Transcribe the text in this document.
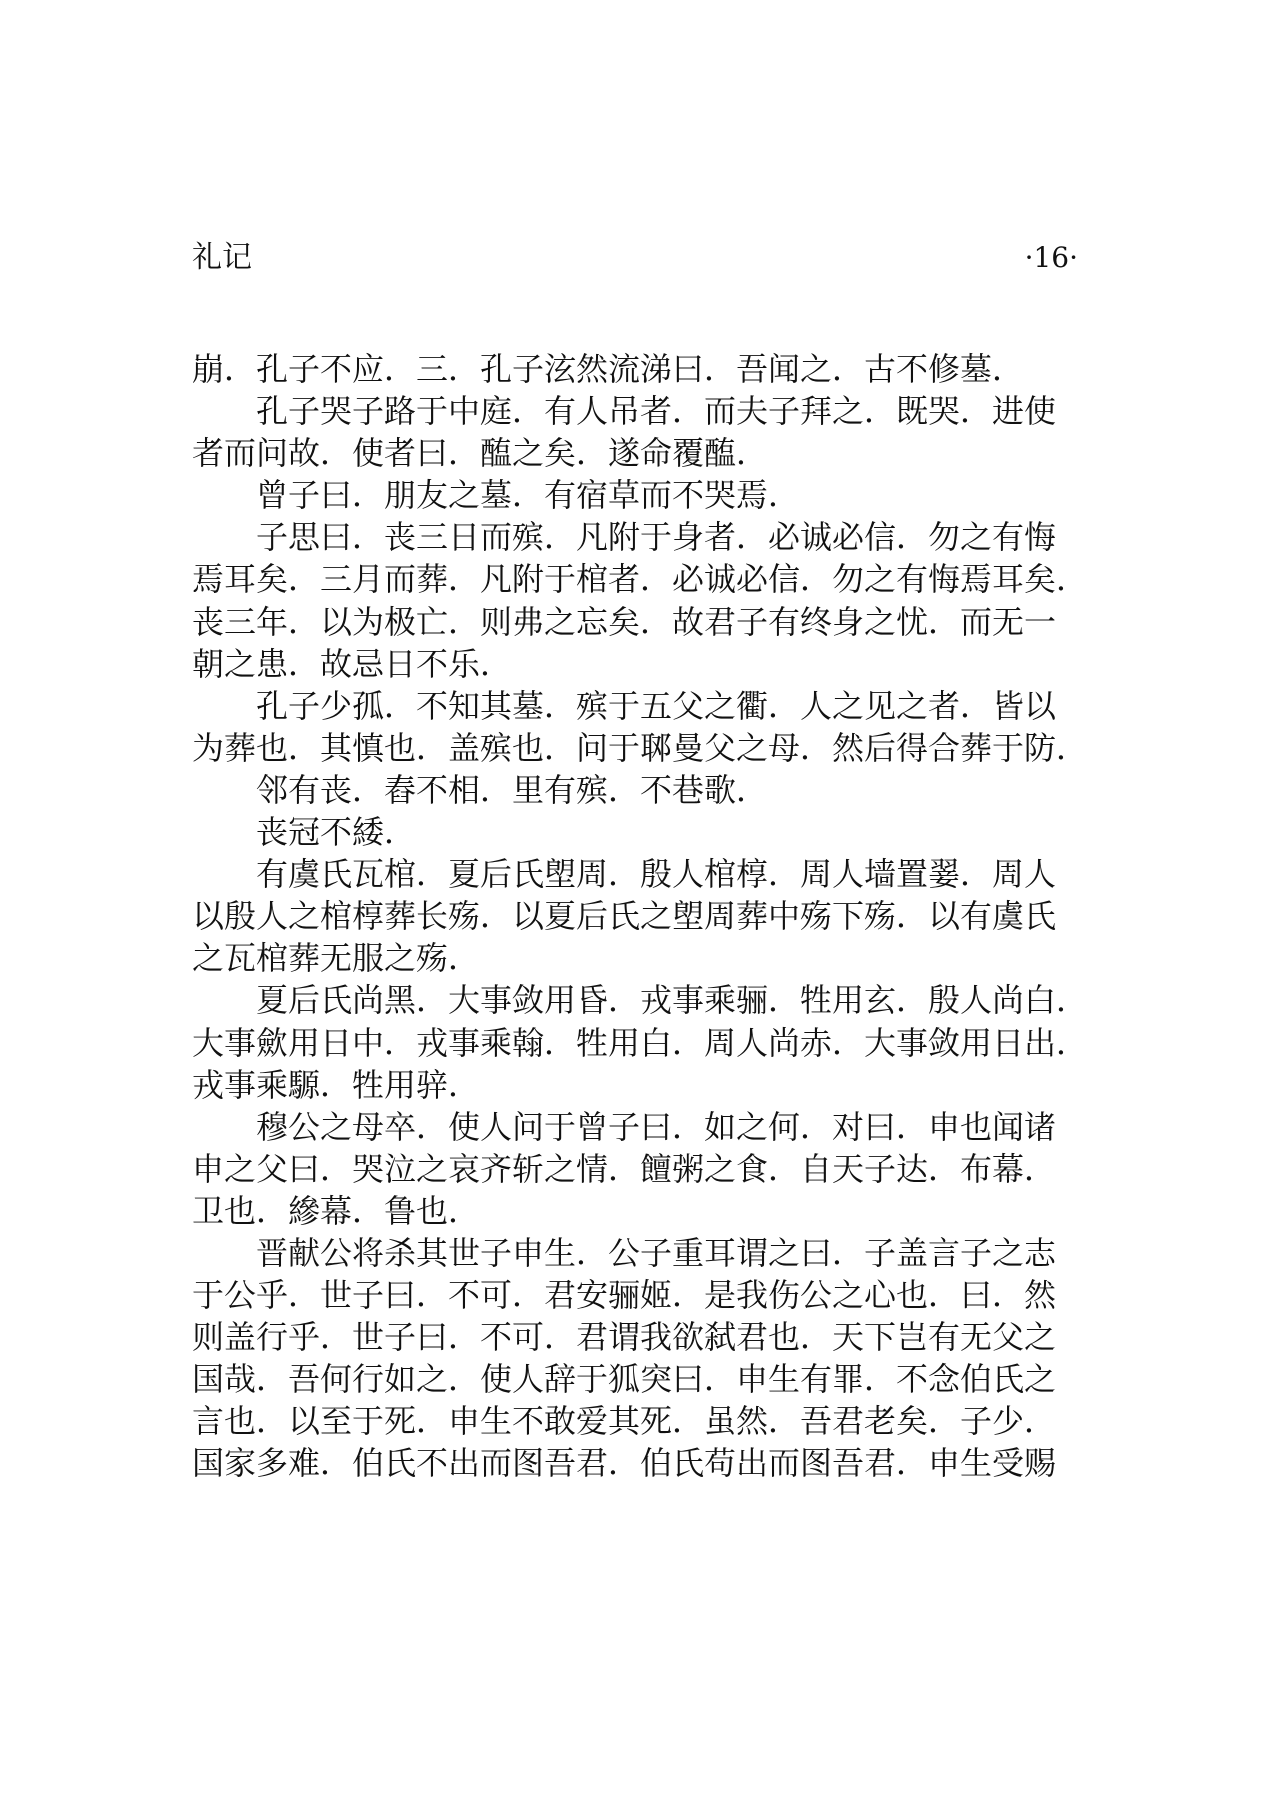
礼记	·16·
崩．孔子不应．三．孔子泫然流涕曰．吾闻之．古不修墓．
孔子哭子路于中庭．有人吊者．而夫子拜之．既哭．进使
者而问故．使者曰．醢之矣．遂命覆醢．
曾子曰．朋友之墓．有宿草而不哭焉．
子思曰．丧三日而殡．凡附于身者．必诚必信．勿之有悔
焉耳矣．三月而葬．凡附于棺者．必诚必信．勿之有悔焉耳矣．
丧三年．以为极亡．则弗之忘矣．故君子有终身之忧．而无一
朝之患．故忌日不乐．
孔子少孤．不知其墓．殡于五父之衢．人之见之者．皆以
为葬也．其慎也．盖殡也．问于郰曼父之母．然后得合葬于防．
邻有丧．舂不相．里有殡．不巷歌．
丧冠不緌．
有虞氏瓦棺．夏后氏塱周．殷人棺椁．周人墙置翣．周人
以殷人之棺椁葬长殇．以夏后氏之塱周葬中殇下殇．以有虞氏
之瓦棺葬无服之殇．
夏后氏尚黑．大事敛用昏．戎事乘骊．牲用玄．殷人尚白．
大事歛用日中．戎事乘翰．牲用白．周人尚赤．大事敛用日出．
戎事乘騵．牲用骍．
穆公之母卒．使人问于曾子曰．如之何．对曰．申也闻诸
申之父曰．哭泣之哀齐斩之情．饘粥之食．自天子达．布幕．
卫也．縿幕．鲁也．
晋献公将杀其世子申生．公子重耳谓之曰．子盖言子之志
于公乎．世子曰．不可．君安骊姬．是我伤公之心也．曰．然
则盖行乎．世子曰．不可．君谓我欲弑君也．天下岂有无父之
国哉．吾何行如之．使人辞于狐突曰．申生有罪．不念伯氏之
言也．以至于死．申生不敢爱其死．虽然．吾君老矣．子少．
国家多难．伯氏不出而图吾君．伯氏苟出而图吾君．申生受赐
